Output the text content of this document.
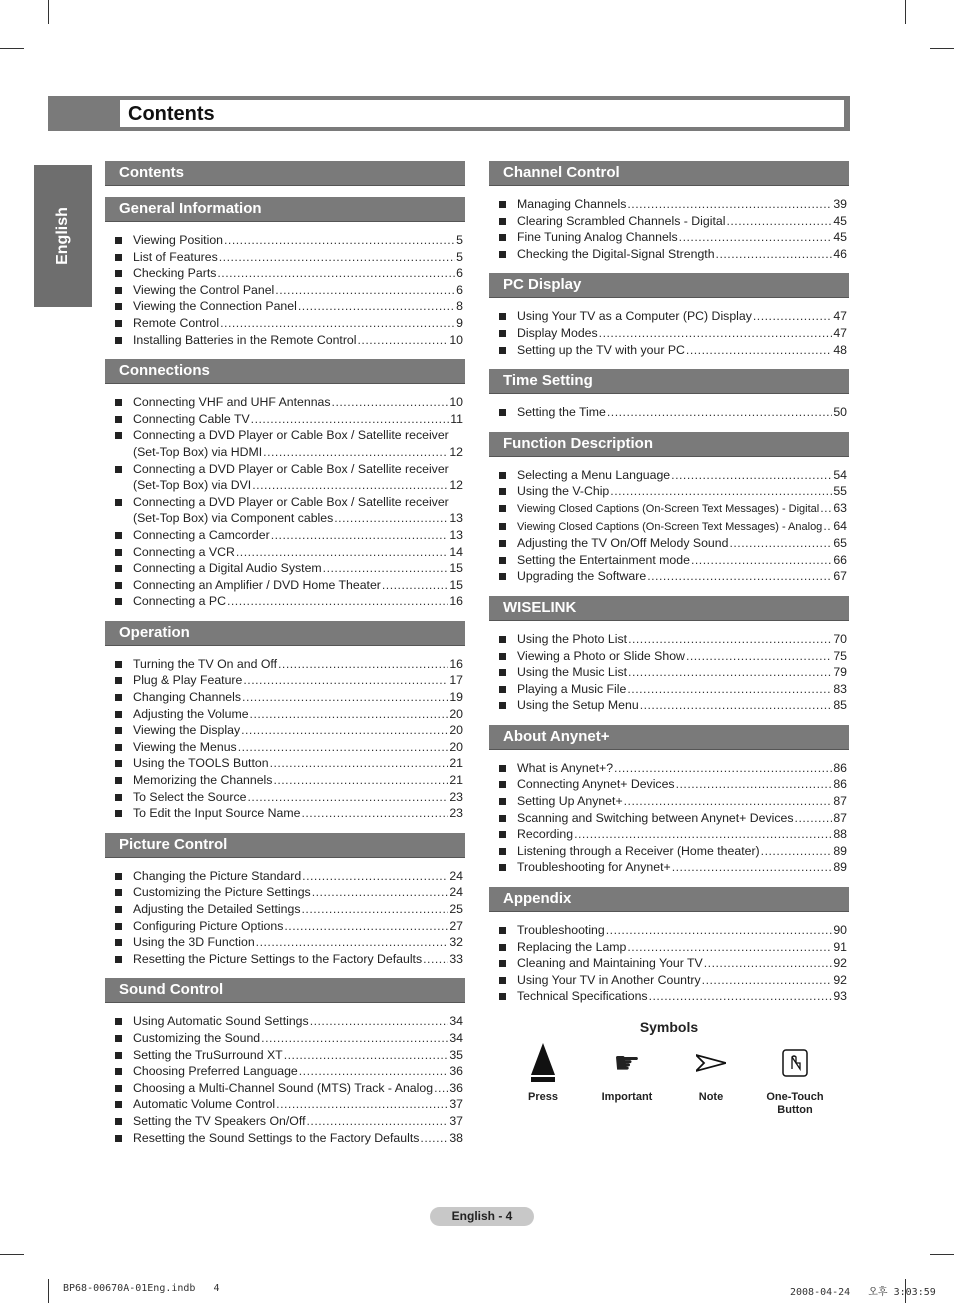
Contents
English
Contents
General Information
Viewing Position .....	5
List of Features .....	5
Checking Parts .....	6
Viewing the Control Panel .....	6
Viewing the Connection Panel .....	8
Remote Control .....	9
Installing Batteries in the Remote Control .....	10
Connections
Connecting VHF and UHF Antennas .....	10
Connecting Cable TV .....	11
Connecting a DVD Player or Cable Box / Satellite receiver
(Set-Top Box) via HDMI .....	12
Connecting a DVD Player or Cable Box / Satellite receiver
(Set-Top Box) via DVI .....	12
Connecting a DVD Player or Cable Box / Satellite receiver
(Set-Top Box) via Component cables .....	13
Connecting a Camcorder .....	13
Connecting a VCR .....	14
Connecting a Digital Audio System .....	15
Connecting an Amplifier / DVD Home Theater .....	15
Connecting a PC .....	16
Operation
Turning the TV On and Off .....	16
Plug & Play Feature .....	17
Changing Channels .....	19
Adjusting the Volume .....	20
Viewing the Display .....	20
Viewing the Menus .....	20
Using the TOOLS Button .....	21
Memorizing the Channels .....	21
To Select the Source .....	23
To Edit the Input Source Name .....	23
Picture Control
Changing the Picture Standard .....	24
Customizing the Picture Settings .....	24
Adjusting the Detailed Settings .....	25
Configuring Picture Options .....	27
Using the 3D Function .....	32
Resetting the Picture Settings to the Factory Defaults ..... 33
Sound Control
Using Automatic Sound Settings .....	34
Customizing the Sound .....	34
Setting the TruSurround XT .....	35
Choosing Preferred Language .....	36
Choosing a Multi-Channel Sound (MTS) Track - Analog ..... 36
Automatic Volume Control .....	37
Setting the TV Speakers On/Off .....	37
Resetting the Sound Settings to the Factory Defaults ..... 38
Channel Control
Managing Channels .....	39
Clearing Scrambled Channels - Digital .....	45
Fine Tuning Analog Channels .....	45
Checking the Digital-Signal Strength .....	46
PC Display
Using Your TV as a Computer (PC) Display .....	47
Display Modes .....	47
Setting up the TV with your PC .....	48
Time Setting
Setting the Time .....	50
Function Description
Selecting a Menu Language .....	54
Using the V-Chip .....	55
Viewing Closed Captions (On-Screen Text Messages) - Digital ..... 63
Viewing Closed Captions (On-Screen Text Messages) - Analog ..... 64
Adjusting the TV On/Off Melody Sound .....	65
Setting the Entertainment mode .....	66
Upgrading the Software .....	67
WISELINK
Using the Photo List .....	70
Viewing a Photo or Slide Show .....	75
Using the Music List .....	79
Playing a Music File .....	83
Using the Setup Menu .....	85
About Anynet+
What is Anynet+? .....	86
Connecting Anynet+ Devices .....	86
Setting Up Anynet+ .....	87
Scanning and Switching between Anynet+ Devices .....	87
Recording .....	88
Listening through a Receiver (Home theater) .....	89
Troubleshooting for Anynet+ .....	89
Appendix
Troubleshooting .....	90
Replacing the Lamp .....	91
Cleaning and Maintaining Your TV .....	92
Using Your TV in Another Country .....	92
Technical Specifications .....	93
Symbols
Press
☛
Important	Note	One-Touch Button
English - 4
BP68-00670A-01Eng.indb   4	2008-04-24   오후 3:03:59
